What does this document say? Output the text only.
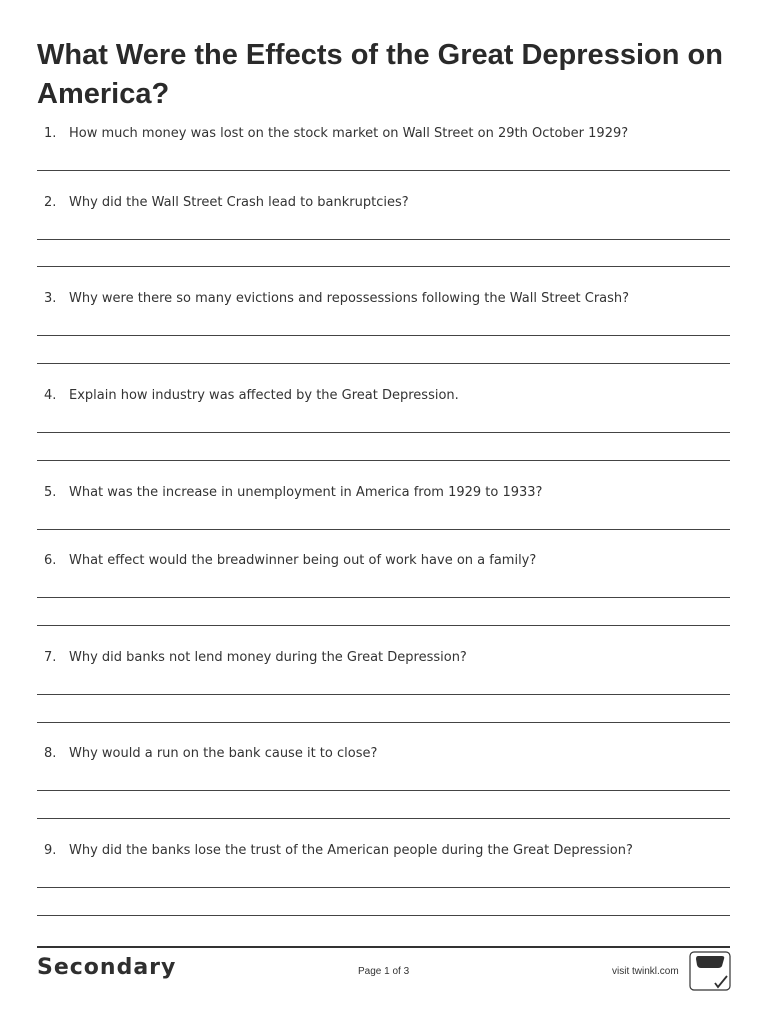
What Were the Effects of the Great Depression on America?
1. How much money was lost on the stock market on Wall Street on 29th October 1929?
2. Why did the Wall Street Crash lead to bankruptcies?
3. Why were there so many evictions and repossessions following the Wall Street Crash?
4. Explain how industry was affected by the Great Depression.
5. What was the increase in unemployment in America from 1929 to 1933?
6. What effect would the breadwinner being out of work have on a family?
7. Why did banks not lend money during the Great Depression?
8. Why would a run on the bank cause it to close?
9. Why did the banks lose the trust of the American people during the Great Depression?
Secondary	Page 1 of 3	visit twinkl.com
